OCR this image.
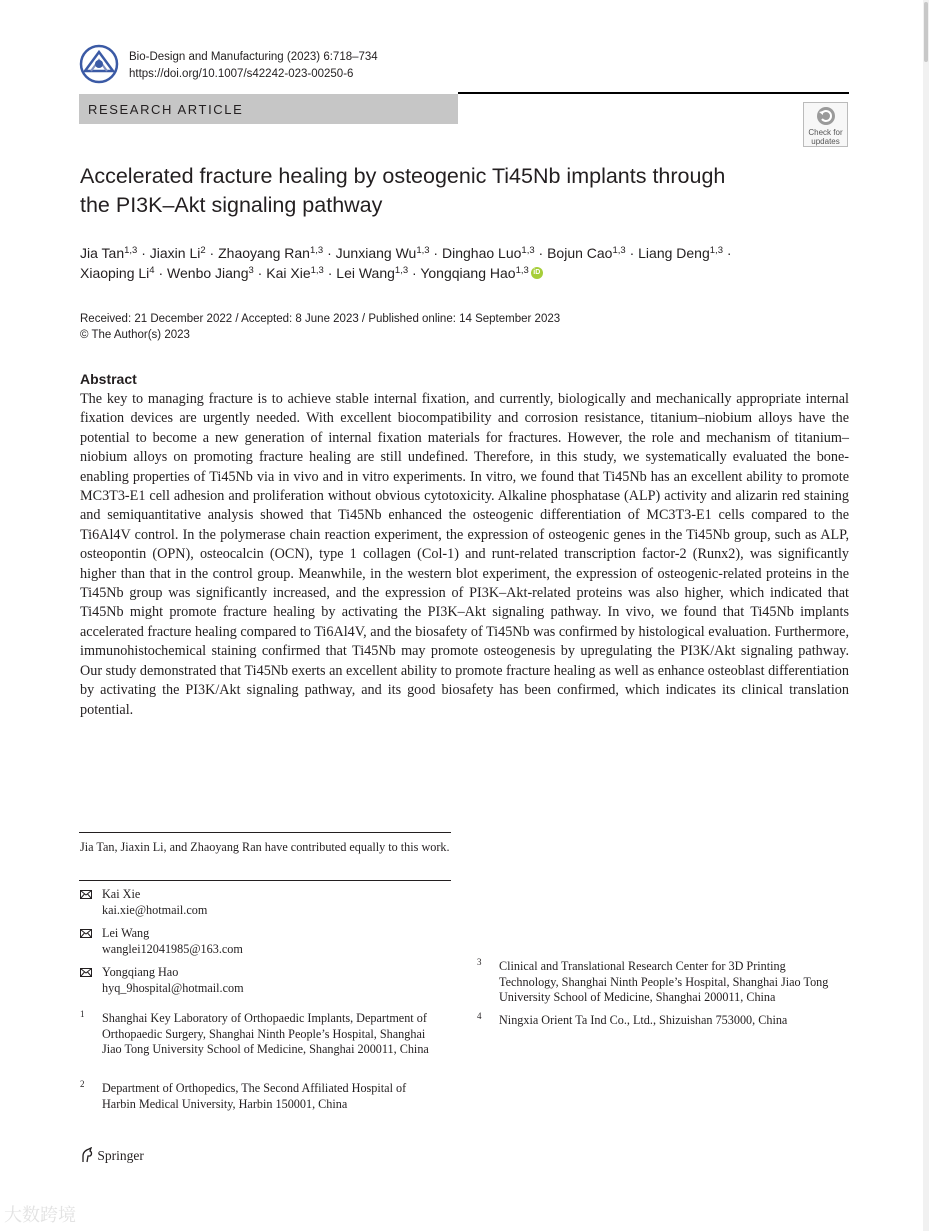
Bio-Design and Manufacturing (2023) 6:718–734
https://doi.org/10.1007/s42242-023-00250-6
RESEARCH ARTICLE
Check for updates
Accelerated fracture healing by osteogenic Ti45Nb implants through
the PI3K–Akt signaling pathway
Jia Tan$^{1,3}$ · Jiaxin $Li^2$ · Zhaoyang Ran$^{1,3}$ · Junxiang Wu$^{1,3}$ · Dinghao Luo$^{1,3}$ · Bojun Cao$^{1,3}$ · Liang Deng$^{1,3}$ ·
Xiaoping $Li^4$ · Wenbo Jiang$^3$ · Kai Xie$^{1,3}$ · Lei Wang$^{1,3}$ · Yongqiang Hao$^{1,3}$ iD
Received: 21 December 2022 / Accepted: 8 June 2023 / Published online: 14 September 2023
© The Author(s) 2023
Abstract
The key to managing fracture is to achieve stable internal fixation, and currently, biologically and mechanically appropriate internal fixation devices are urgently needed. With excellent biocompatibility and corrosion resistance, titanium–niobium alloys have the potential to become a new generation of internal fixation materials for fractures. However, the role and mechanism of titanium–niobium alloys on promoting fracture healing are still undefined. Therefore, in this study, we systematically evaluated the bone-enabling properties of Ti45Nb via in vivo and in vitro experiments. In vitro, we found that Ti45Nb has an excellent ability to promote MC3T3-E1 cell adhesion and proliferation without obvious cytotoxicity. Alkaline phosphatase (ALP) activity and alizarin red staining and semiquantitative analysis showed that Ti45Nb enhanced the osteogenic differentiation of MC3T3-E1 cells compared to the Ti6Al4V control. In the polymerase chain reaction experiment, the expression of osteogenic genes in the Ti45Nb group, such as ALP, osteopontin (OPN), osteocalcin (OCN), type 1 collagen (Col-1) and runt-related transcription factor-2 (Runx2), was significantly higher than that in the control group. Meanwhile, in the western blot experiment, the expression of osteogenic-related proteins in the Ti45Nb group was significantly increased, and the expression of PI3K–Akt-related proteins was also higher, which indicated that Ti45Nb might promote fracture healing by activating the PI3K–Akt signaling pathway. In vivo, we found that Ti45Nb implants accelerated fracture healing compared to Ti6Al4V, and the biosafety of Ti45Nb was confirmed by histological evaluation. Furthermore, immunohistochemical staining confirmed that Ti45Nb may promote osteogenesis by upregulating the PI3K/Akt signaling pathway. Our study demonstrated that Ti45Nb exerts an excellent ability to promote fracture healing as well as enhance osteoblast differentiation by activating the PI3K/Akt signaling pathway, and its good biosafety has been confirmed, which indicates its clinical translation potential.
Jia Tan, Jiaxin Li, and Zhaoyang Ran have contributed equally to this work.
Kai Xie
kai.xie@hotmail.com
Lei Wang
wanglei12041985@163.com
Yongqiang Hao
hyq_9hospital@hotmail.com
1 Shanghai Key Laboratory of Orthopaedic Implants, Department of Orthopaedic Surgery, Shanghai Ninth People’s Hospital, Shanghai Jiao Tong University School of Medicine, Shanghai 200011, China
2 Department of Orthopedics, The Second Affiliated Hospital of Harbin Medical University, Harbin 150001, China
3 Clinical and Translational Research Center for 3D Printing Technology, Shanghai Ninth People’s Hospital, Shanghai Jiao Tong University School of Medicine, Shanghai 200011, China
4 Ningxia Orient Ta Ind Co., Ltd., Shizuishan 753000, China
Springer
大数跨境
